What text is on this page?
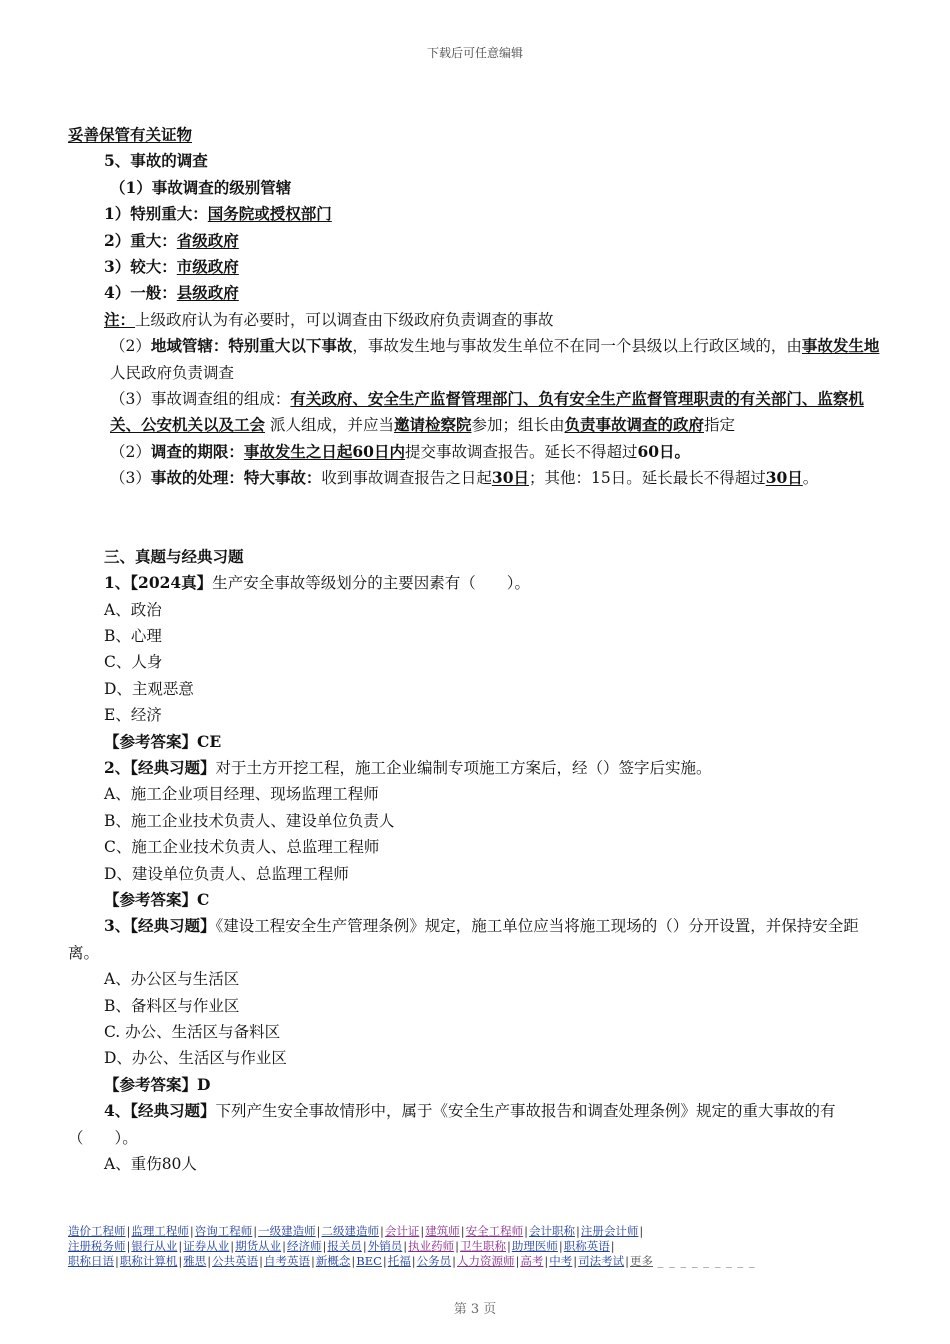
下载后可任意编辑
妥善保管有关证物
5、事故的调查
（1）事故调查的级别管辖
1）特别重大：国务院或授权部门
2）重大：省级政府
3）较大：市级政府
4）一般：县级政府
注：上级政府认为有必要时，可以调查由下级政府负责调查的事故
（2）地域管辖：特别重大以下事故，事故发生地与事故发生单位不在同一个县级以上行政区域的，由事故发生地人民政府负责调查
（3）事故调查组的组成：有关政府、安全生产监督管理部门、负有安全生产监督管理职责的有关部门、监察机关、公安机关以及工会 派人组成，并应当邀请检察院参加；组长由负责事故调查的政府指定
（2）调查的期限：事故发生之日起60日内提交事故调查报告。延长不得超过60日。
（3）事故的处理：特大事故：收到事故调查报告之日起30日；其他：15日。延长最长不得超过30日。
三、真题与经典习题
1、【2024真】生产安全事故等级划分的主要因素有（　　）。
A、政治
B、心理
C、人身
D、主观恶意
E、经济
【参考答案】CE
2、【经典习题】对于土方开挖工程，施工企业编制专项施工方案后，经（）签字后实施。
A、施工企业项目经理、现场监理工程师
B、施工企业技术负责人、建设单位负责人
C、施工企业技术负责人、总监理工程师
D、建设单位负责人、总监理工程师
【参考答案】C
3、【经典习题】《建设工程安全生产管理条例》规定，施工单位应当将施工现场的（）分开设置，并保持安全距离。
A、办公区与生活区
B、备料区与作业区
C. 办公、生活区与备料区
D、办公、生活区与作业区
【参考答案】D
4、【经典习题】下列产生安全事故情形中，属于《安全生产事故报告和调查处理条例》规定的重大事故的有（　　）。
A、重伤80人
造价工程师|监理工程师|咨询工程师|一级建造师|二级建造师|会计证|建筑师|安全工程师|会计职称|注册会计师|
注册税务师|银行从业|证券从业|期货从业|经济师|报关员|外销员|执业药师|卫生职称|助理医师|职称英语|
职称日语|职称计算机|雅思|公共英语|自考英语|新概念|BEC|托福|公务员|人力资源师|高考|中考|司法考试|更多 _ _ _ _ _ _ _ _ _
第 3 页
